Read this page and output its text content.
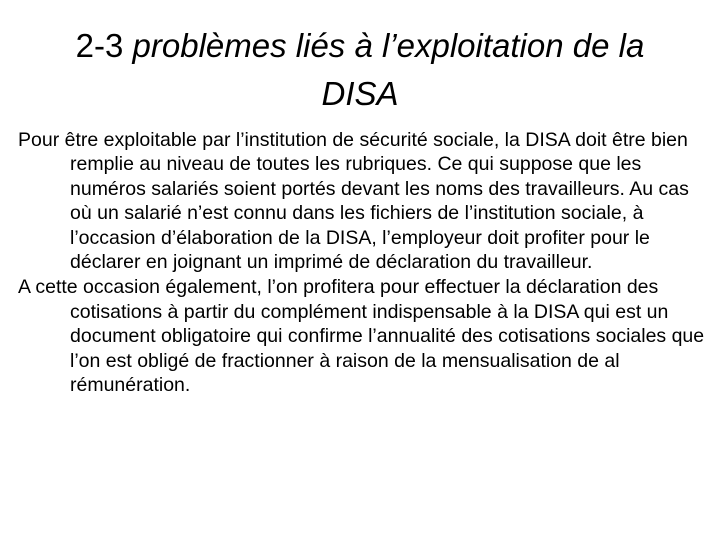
2-3 problèmes liés à l’exploitation de la DISA

Pour être exploitable par l’institution de sécurité sociale, la DISA doit être bien remplie au niveau de toutes les rubriques. Ce qui suppose que les numéros salariés soient portés devant les noms des travailleurs. Au cas où un salarié n’est connu dans les fichiers de l’institution sociale, à l’occasion d’élaboration de la DISA, l’employeur doit profiter pour le déclarer en joignant un imprimé de déclaration du travailleur.

A cette occasion également, l’on profitera pour effectuer la déclaration des cotisations à partir du complément indispensable à la DISA qui est un document obligatoire qui confirme l’annualité des cotisations sociales que l’on est obligé de fractionner à raison de la mensualisation de al rémunération.
